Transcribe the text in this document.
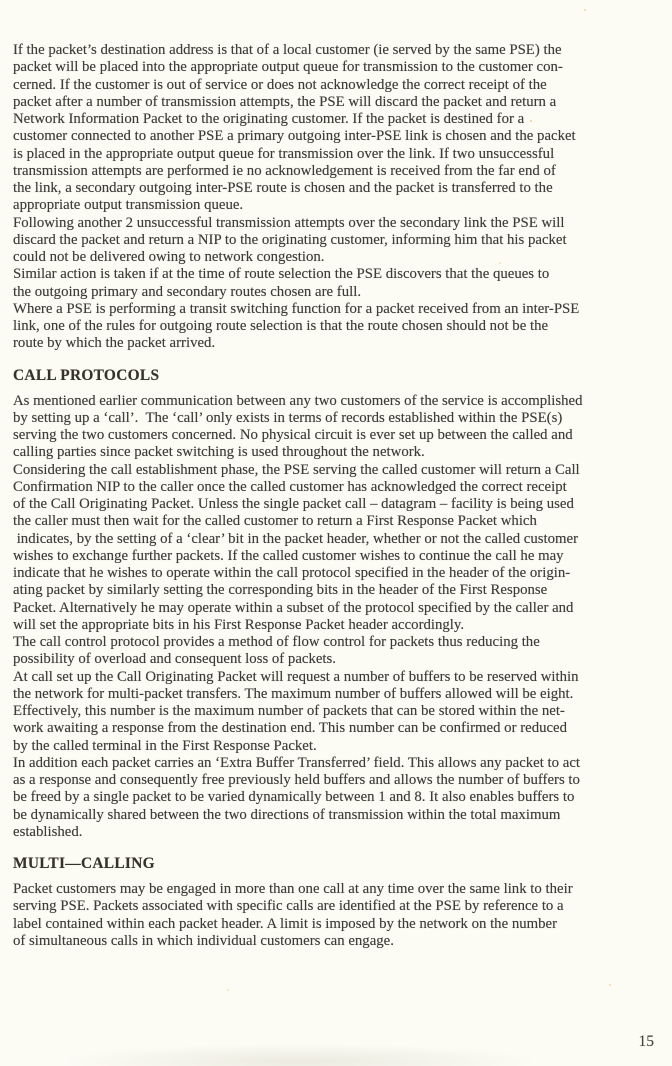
If the packet’s destination address is that of a local customer (ie served by the same PSE) the
packet will be placed into the appropriate output queue for transmission to the customer con-
cerned. If the customer is out of service or does not acknowledge the correct receipt of the
packet after a number of transmission attempts, the PSE will discard the packet and return a
Network Information Packet to the originating customer. If the packet is destined for a
customer connected to another PSE a primary outgoing inter-PSE link is chosen and the packet
is placed in the appropriate output queue for transmission over the link. If two unsuccessful
transmission attempts are performed ie no acknowledgement is received from the far end of
the link, a secondary outgoing inter-PSE route is chosen and the packet is transferred to the
appropriate output transmission queue.
Following another 2 unsuccessful transmission attempts over the secondary link the PSE will
discard the packet and return a NIP to the originating customer, informing him that his packet
could not be delivered owing to network congestion.
Similar action is taken if at the time of route selection the PSE discovers that the queues to
the outgoing primary and secondary routes chosen are full.
Where a PSE is performing a transit switching function for a packet received from an inter-PSE
link, one of the rules for outgoing route selection is that the route chosen should not be the
route by which the packet arrived.
CALL PROTOCOLS
As mentioned earlier communication between any two customers of the service is accomplished
by setting up a ‘call’.  The ‘call’ only exists in terms of records established within the PSE(s)
serving the two customers concerned. No physical circuit is ever set up between the called and
calling parties since packet switching is used throughout the network.
Considering the call establishment phase, the PSE serving the called customer will return a Call
Confirmation NIP to the caller once the called customer has acknowledged the correct receipt
of the Call Originating Packet. Unless the single packet call – datagram – facility is being used
the caller must then wait for the called customer to return a First Response Packet which
indicates, by the setting of a ‘clear’ bit in the packet header, whether or not the called customer
wishes to exchange further packets. If the called customer wishes to continue the call he may
indicate that he wishes to operate within the call protocol specified in the header of the origin-
ating packet by similarly setting the corresponding bits in the header of the First Response
Packet. Alternatively he may operate within a subset of the protocol specified by the caller and
will set the appropriate bits in his First Response Packet header accordingly.
The call control protocol provides a method of flow control for packets thus reducing the
possibility of overload and consequent loss of packets.
At call set up the Call Originating Packet will request a number of buffers to be reserved within
the network for multi-packet transfers. The maximum number of buffers allowed will be eight.
Effectively, this number is the maximum number of packets that can be stored within the net-
work awaiting a response from the destination end. This number can be confirmed or reduced
by the called terminal in the First Response Packet.
In addition each packet carries an ‘Extra Buffer Transferred’ field. This allows any packet to act
as a response and consequently free previously held buffers and allows the number of buffers to
be freed by a single packet to be varied dynamically between 1 and 8. It also enables buffers to
be dynamically shared between the two directions of transmission within the total maximum
established.
MULTI—CALLING
Packet customers may be engaged in more than one call at any time over the same link to their
serving PSE. Packets associated with specific calls are identified at the PSE by reference to a
label contained within each packet header. A limit is imposed by the network on the number
of simultaneous calls in which individual customers can engage.
15
